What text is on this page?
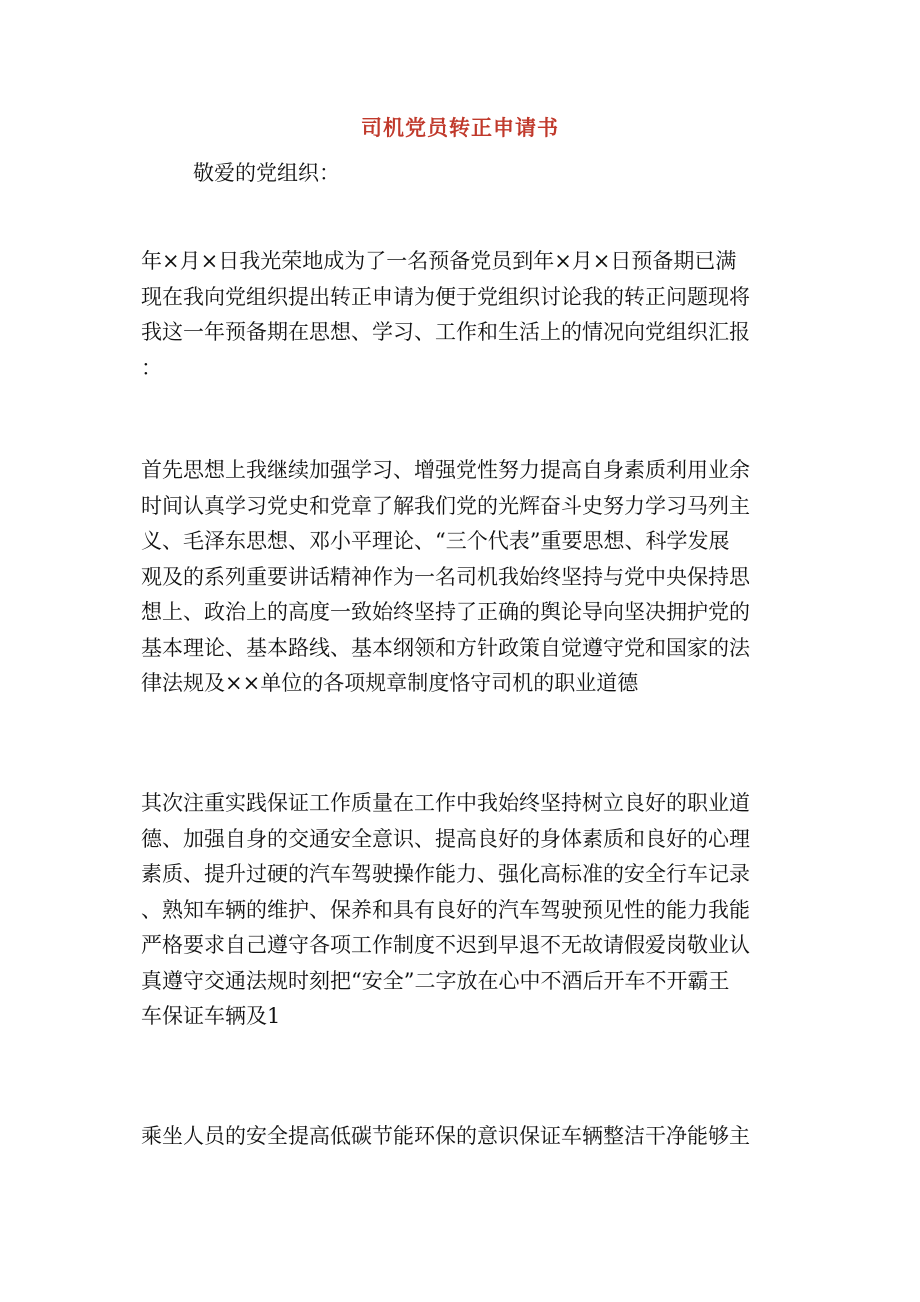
司机党员转正申请书
敬爱的党组织：
年×月×日我光荣地成为了一名预备党员到年×月×日预备期已满
现在我向党组织提出转正申请为便于党组织讨论我的转正问题现将
我这一年预备期在思想、学习、工作和生活上的情况向党组织汇报
：
首先思想上我继续加强学习、增强党性努力提高自身素质利用业余
时间认真学习党史和党章了解我们党的光辉奋斗史努力学习马列主
义、毛泽东思想、邓小平理论、“三个代表”重要思想、科学发展
观及的系列重要讲话精神作为一名司机我始终坚持与党中央保持思
想上、政治上的高度一致始终坚持了正确的舆论导向坚决拥护党的
基本理论、基本路线、基本纲领和方针政策自觉遵守党和国家的法
律法规及××单位的各项规章制度恪守司机的职业道德
其次注重实践保证工作质量在工作中我始终坚持树立良好的职业道
德、加强自身的交通安全意识、提高良好的身体素质和良好的心理
素质、提升过硬的汽车驾驶操作能力、强化高标准的安全行车记录
、熟知车辆的维护、保养和具有良好的汽车驾驶预见性的能力我能
严格要求自己遵守各项工作制度不迟到早退不无故请假爱岗敬业认
真遵守交通法规时刻把“安全”二字放在心中不酒后开车不开霸王
车保证车辆及1
乘坐人员的安全提高低碳节能环保的意识保证车辆整洁干净能够主
